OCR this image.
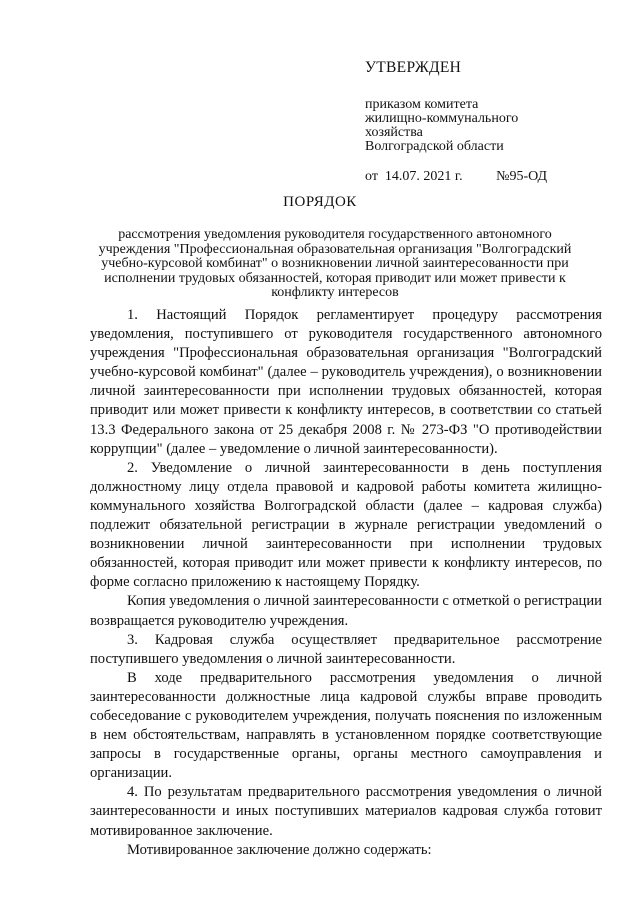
УТВЕРЖДЕН
приказом комитета
жилищно-коммунального
хозяйства
Волгоградской области
от  14.07. 2021 г. №95-ОД
ПОРЯДОК
рассмотрения уведомления руководителя государственного автономного учреждения "Профессиональная образовательная организация "Волгоградский учебно-курсовой комбинат" о возникновении личной заинтересованности при исполнении трудовых обязанностей, которая приводит или может привести к конфликту интересов

1. Настоящий Порядок регламентирует процедуру рассмотрения уведомления, поступившего от руководителя государственного автономного учреждения "Профессиональная образовательная организация "Волгоградский учебно-курсовой комбинат" (далее – руководитель учреждения), о возникновении личной заинтересованности при исполнении трудовых обязанностей, которая приводит или может привести к конфликту интересов, в соответствии со статьей 13.3 Федерального закона от 25 декабря 2008 г. № 273-ФЗ "О противодействии коррупции" (далее – уведомление о личной заинтересованности).

2. Уведомление о личной заинтересованности в день поступления должностному лицу отдела правовой и кадровой работы комитета жилищно-коммунального хозяйства Волгоградской области (далее – кадровая служба) подлежит обязательной регистрации в журнале регистрации уведомлений о возникновении личной заинтересованности при исполнении трудовых обязанностей, которая приводит или может привести к конфликту интересов, по форме согласно приложению к настоящему Порядку.

Копия уведомления о личной заинтересованности с отметкой о регистрации возвращается руководителю учреждения.

3. Кадровая служба осуществляет предварительное рассмотрение поступившего уведомления о личной заинтересованности.

В ходе предварительного рассмотрения уведомления о личной заинтересованности должностные лица кадровой службы вправе проводить собеседование с руководителем учреждения, получать пояснения по изложенным в нем обстоятельствам, направлять в установленном порядке соответствующие запросы в государственные органы, органы местного самоуправления и организации.

4. По результатам предварительного рассмотрения уведомления о личной заинтересованности и иных поступивших материалов кадровая служба готовит мотивированное заключение.

Мотивированное заключение должно содержать:
